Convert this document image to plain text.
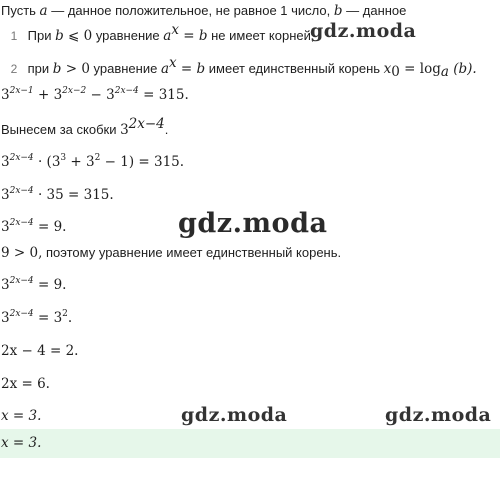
Пусть a — данное положительное, не равное 1 число, b — данное
1 При b ⩽ 0 уравнение $a^x = b$ не имеет корней;
2 при b > 0 уравнение $a^x = b$ имеет единственный корень $x_0 = \log_a (b)$.
$3^{2x-1} + 3^{2x-2} - 3^{2x-4} = 315$.
Вынесем за скобки $3^{2x-4}$.
$3^{2x-4} \cdot (3^3 + 3^2 - 1) = 315$.
$3^{2x-4} \cdot 35 = 315$.
$3^{2x-4} = 9$.
9 > 0, поэтому уравнение имеет единственный корень.
$3^{2x-4} = 9$.
$3^{2x-4} = 3^2$.
2x − 4 = 2.
2x = 6.
x = 3.
x = 3.
gdz.moda
gdz.moda
gdz.moda	gdz.moda
